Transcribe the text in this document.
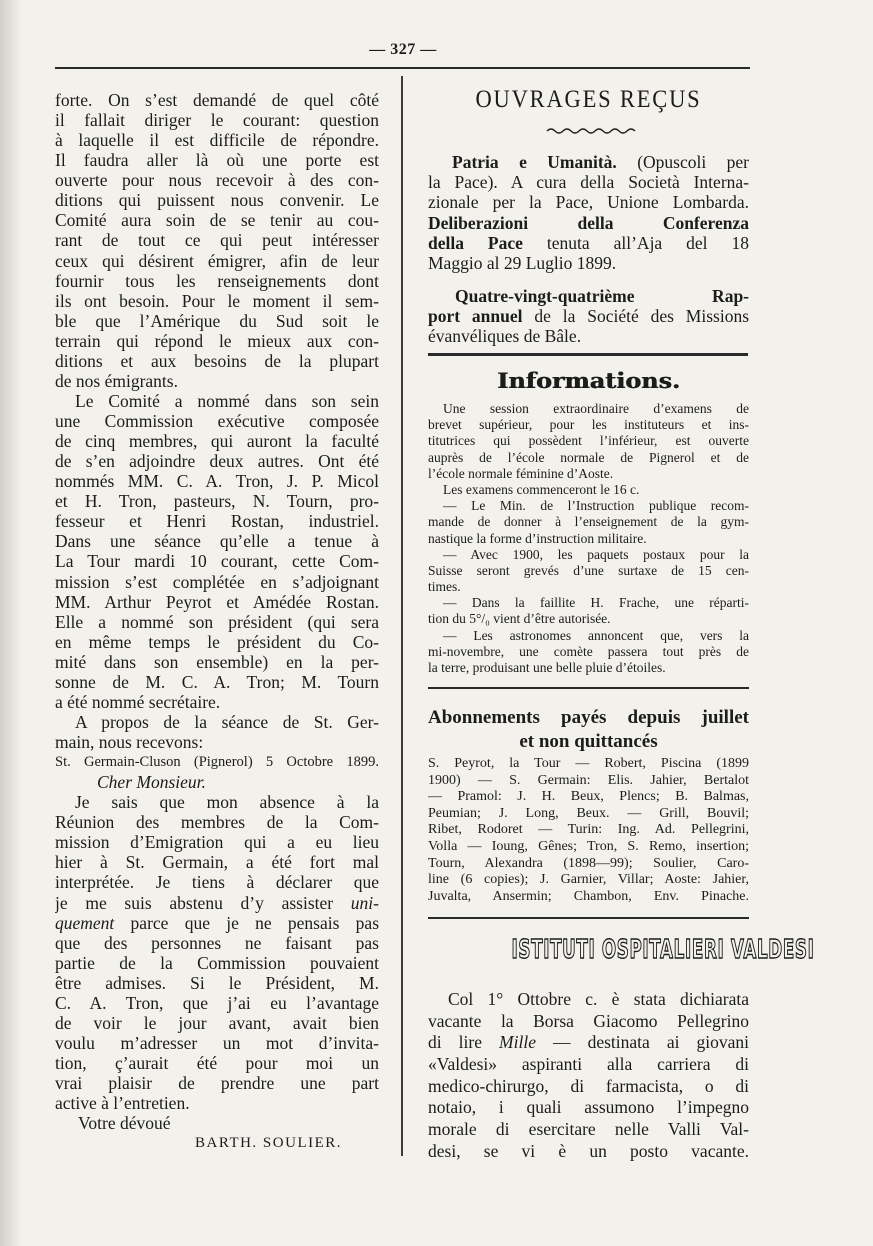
— 327 —
forte. On s’est demandé de quel côté
il fallait diriger le courant: question
à laquelle il est difficile de répondre.
Il faudra aller là où une porte est
ouverte pour nous recevoir à des con-
ditions qui puissent nous convenir. Le
Comité aura soin de se tenir au cou-
rant de tout ce qui peut intéresser
ceux qui désirent émigrer, afin de leur
fournir tous les renseignements dont
ils ont besoin. Pour le moment il sem-
ble que l’Amérique du Sud soit le
terrain qui répond le mieux aux con-
ditions et aux besoins de la plupart
de nos émigrants.
Le Comité a nommé dans son sein
une Commission exécutive composée
de cinq membres, qui auront la faculté
de s’en adjoindre deux autres. Ont été
nommés MM. C. A. Tron, J. P. Micol
et H. Tron, pasteurs, N. Tourn, pro-
fesseur et Henri Rostan, industriel.
Dans une séance qu’elle a tenue à
La Tour mardi 10 courant, cette Com-
mission s’est complétée en s’adjoignant
MM. Arthur Peyrot et Amédée Rostan.
Elle a nommé son président (qui sera
en même temps le président du Co-
mité dans son ensemble) en la per-
sonne de M. C. A. Tron; M. Tourn
a été nommé secrétaire.
A propos de la séance de St. Ger-
main, nous recevons:
St. Germain-Cluson (Pignerol) 5 Octobre 1899.
Cher Monsieur.
Je sais que mon absence à la
Réunion des membres de la Com-
mission d’Emigration qui a eu lieu
hier à St. Germain, a été fort mal
interprétée. Je tiens à déclarer que
je me suis abstenu d’y assister uni-
quement parce que je ne pensais pas
que des personnes ne faisant pas
partie de la Commission pouvaient
être admises. Si le Président, M.
C. A. Tron, que j’ai eu l’avantage
de voir le jour avant, avait bien
voulu m’adresser un mot d’invita-
tion, ç’aurait été pour moi un
vrai plaisir de prendre une part
active à l’entretien.
Votre dévoué
BARTH. SOULIER.
OUVRAGES REÇUS
Patria e Umanità. (Opuscoli per
la Pace). A cura della Società Interna-
zionale per la Pace, Unione Lombarda.
Deliberazioni della Conferenza
della Pace tenuta all’Aja del 18
Maggio al 29 Luglio 1899.
Quatre-vingt-quatrième Rap-
port annuel de la Société des Missions
évanvéliques de Bâle.
Informations.
Une session extraordinaire d’examens de
brevet supérieur, pour les instituteurs et ins-
titutrices qui possèdent l’inférieur, est ouverte
auprès de l’école normale de Pignerol et de
l’école normale féminine d’Aoste.
Les examens commenceront le 16 c.
— Le Min. de l’Instruction publique recom-
mande de donner à l’enseignement de la gym-
nastique la forme d’instruction militaire.
— Avec 1900, les paquets postaux pour la
Suisse seront grevés d’une surtaxe de 15 cen-
times.
— Dans la faillite H. Frache, une réparti-
tion du 5°/₀ vient d’être autorisée.
— Les astronomes annoncent que, vers la
mi-novembre, une comète passera tout près de
la terre, produisant une belle pluie d’étoiles.
Abonnements payés depuis juillet
et non quittancés
S. Peyrot, la Tour — Robert, Piscina (1899
1900) — S. Germain: Elis. Jahier, Bertalot
— Pramol: J. H. Beux, Plencs; B. Balmas,
Peumian; J. Long, Beux. — Grill, Bouvil;
Ribet, Rodoret — Turin: Ing. Ad. Pellegrini,
Volla — Ioung, Gênes; Tron, S. Remo, insertion;
Tourn, Alexandra (1898—99); Soulier, Caro-
line (6 copies); J. Garnier, Villar; Aoste: Jahier,
Juvalta, Ansermin; Chambon, Env. Pinache.
ISTITUTI OSPITALIERI VALDESI
Col 1° Ottobre c. è stata dichiarata
vacante la Borsa Giacomo Pellegrino
di lire Mille — destinata ai giovani
«Valdesi» aspiranti alla carriera di
medico-chirurgo, di farmacista, o di
notaio, i quali assumono l’impegno
morale di esercitare nelle Valli Val-
desi, se vi è un posto vacante.
